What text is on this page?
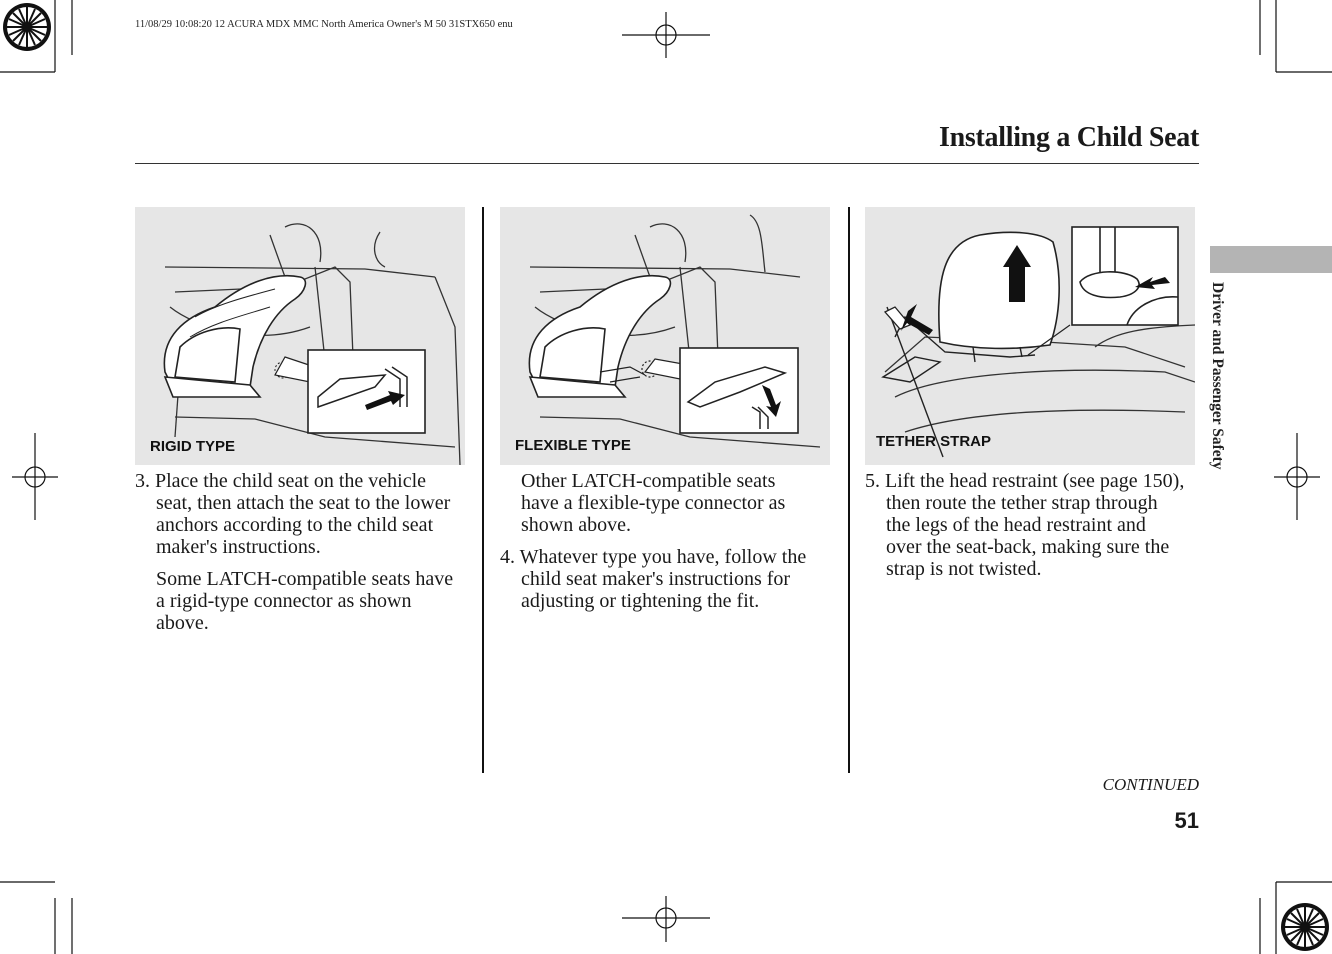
11/08/29 10:08:20 12 ACURA MDX MMC North America Owner's M 50 31STX650 enu
Installing a Child Seat
RIGID TYPE	FLEXIBLE TYPE	TETHER STRAP
3. Place the child seat on the vehicle seat, then attach the seat to the lower anchors according to the child seat maker's instructions.
Some LATCH-compatible seats have a rigid-type connector as shown above.
Other LATCH-compatible seats have a flexible-type connector as shown above.
4. Whatever type you have, follow the child seat maker's instructions for adjusting or tightening the fit.
5. Lift the head restraint (see page 150), then route the tether strap through the legs of the head restraint and over the seat-back, making sure the strap is not twisted.
Driver and Passenger Safety
CONTINUED
51
